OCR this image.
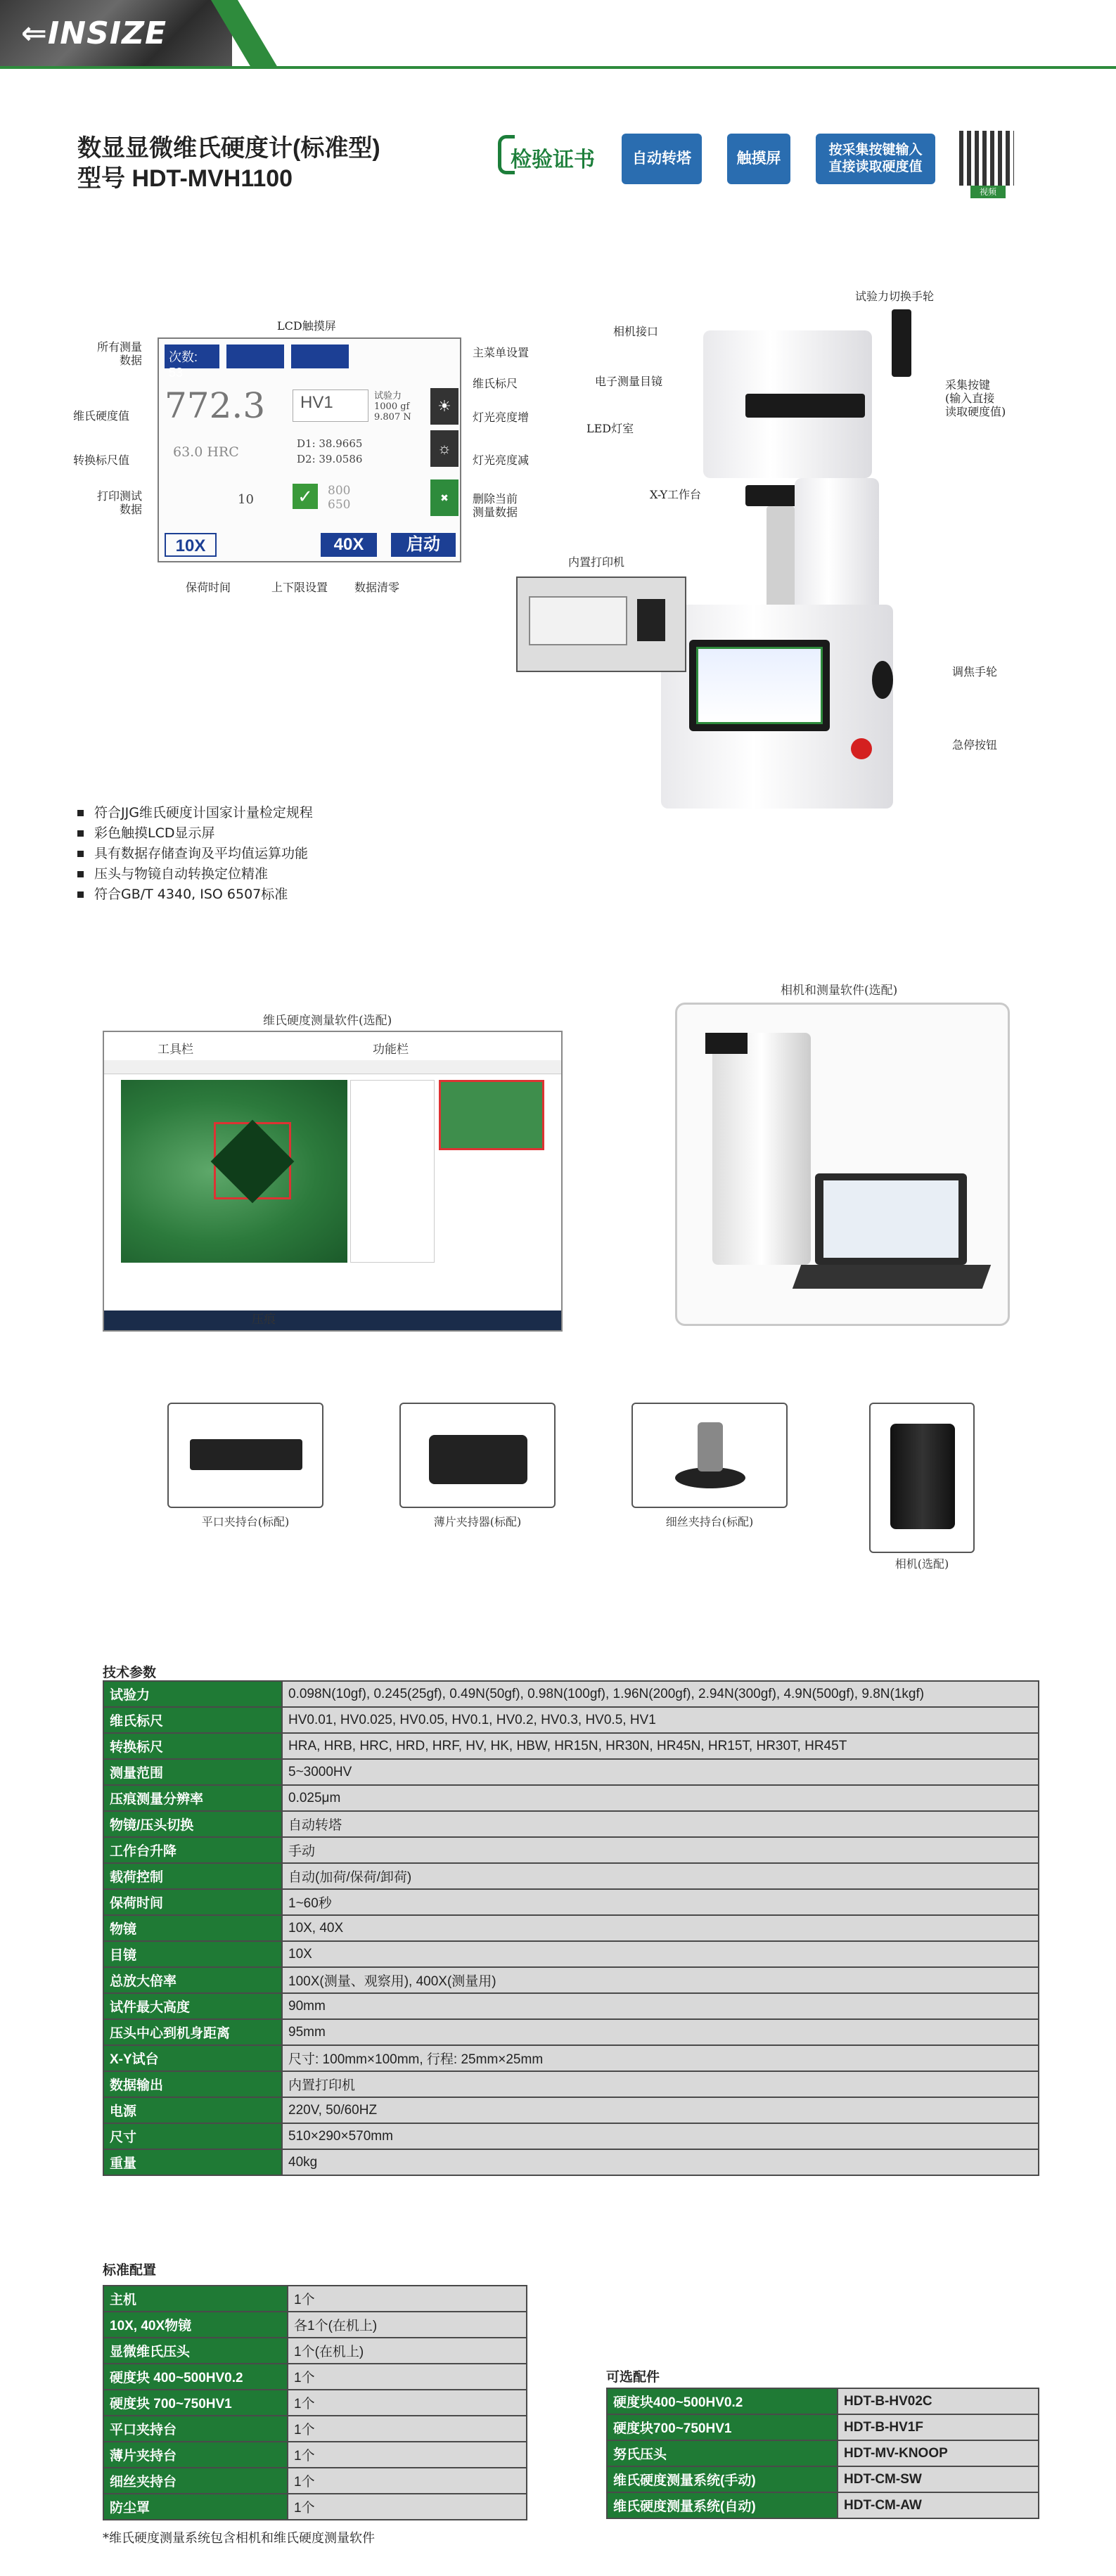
⇐INSIZE
数显显微维氏硬度计(标准型)
型号 HDT-MVH1100
检验证书	自动转塔	触摸屏
按采集按键输入
直接读取硬度值
视频
LCD触摸屏
次数: 53
772.3	HV1	试验力
1000 gf
9.807 N
63.0 HRC
D1: 38.9665
D2: 39.0586
10 ✓	800
650
10X	40X	启动
☀
☼
✖
所有测量
数据
维氏硬度值
转换标尺值
打印测试
数据
主菜单设置
维氏标尺
灯光亮度增
灯光亮度减
删除当前
测量数据
保荷时间	上下限设置 数据清零
内置打印机
相机接口
电子测量目镜
LED灯室
X-Y工作台
试验力切换手轮
采集按键
(输入直接
读取硬度值)
调焦手轮
急停按钮
符合JJG维氏硬度计国家计量检定规程
彩色触摸LCD显示屏
具有数据存储查询及平均值运算功能
压头与物镜自动转换定位精准
符合GB/T 4340, ISO 6507标准
维氏硬度测量软件(选配)
工具栏	功能栏
压痕
相机和测量软件(选配)
平口夹持台(标配)	薄片夹持器(标配)	细丝夹持台(标配)
相机(选配)
技术参数
试验力	0.098N(10gf), 0.245(25gf), 0.49N(50gf), 0.98N(100gf), 1.96N(200gf), 2.94N(300gf), 4.9N(500gf), 9.8N(1kgf)
维氏标尺	HV0.01, HV0.025, HV0.05, HV0.1, HV0.2, HV0.3, HV0.5, HV1
转换标尺	HRA, HRB, HRC, HRD, HRF, HV, HK, HBW, HR15N, HR30N, HR45N, HR15T, HR30T, HR45T
测量范围	5~3000HV
压痕测量分辨率	0.025μm
物镜/压头切换	自动转塔
工作台升降	手动
载荷控制	自动(加荷/保荷/卸荷)
保荷时间	1~60秒
物镜	10X, 40X
目镜	10X
总放大倍率	100X(测量、观察用), 400X(测量用)
试件最大高度	90mm
压头中心到机身距离	95mm
X-Y试台	尺寸: 100mm×100mm, 行程: 25mm×25mm
数据输出	内置打印机
电源	220V, 50/60HZ
尺寸	510×290×570mm
重量	40kg
标准配置
主机	1个
10X, 40X物镜	各1个(在机上)
显微维氏压头	1个(在机上)
硬度块 400~500HV0.2	1个
硬度块 700~750HV1	1个
平口夹持台	1个
薄片夹持台	1个
细丝夹持台	1个
防尘罩	1个
可选配件
硬度块400~500HV0.2	HDT-B-HV02C
硬度块700~750HV1	HDT-B-HV1F
努氏压头	HDT-MV-KNOOP
维氏硬度测量系统(手动)	HDT-CM-SW
维氏硬度测量系统(自动)	HDT-CM-AW
*维氏硬度测量系统包含相机和维氏硬度测量软件
